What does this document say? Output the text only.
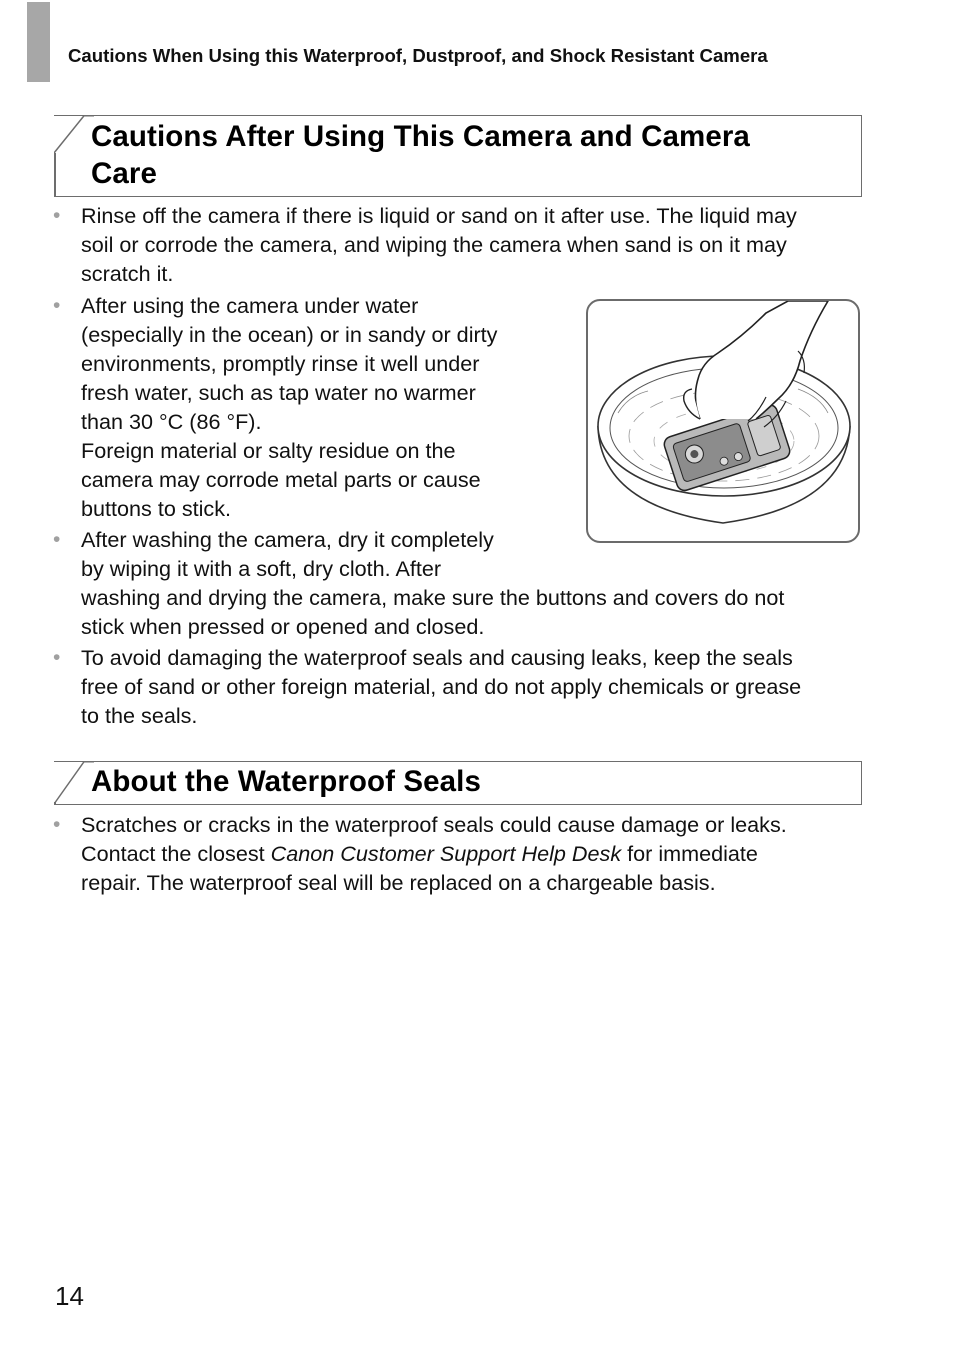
Cautions When Using this Waterproof, Dustproof, and Shock Resistant Camera
Cautions After Using This Camera and Camera
Care
• Rinse off the camera if there is liquid or sand on it after use. The liquid may
soil or corrode the camera, and wiping the camera when sand is on it may
scratch it.

• After using the camera under water
(especially in the ocean) or in sandy or dirty
environments, promptly rinse it well under
fresh water, such as tap water no warmer
than 30 °C (86 °F).
Foreign material or salty residue on the
camera may corrode metal parts or cause
buttons to stick.

• After washing the camera, dry it completely
by wiping it with a soft, dry cloth. After
washing and drying the camera, make sure the buttons and covers do not
stick when pressed or opened and closed.

• To avoid damaging the waterproof seals and causing leaks, keep the seals
free of sand or other foreign material, and do not apply chemicals or grease
to the seals.

About the Waterproof Seals
• Scratches or cracks in the waterproof seals could cause damage or leaks.
Contact the closest Canon Customer Support Help Desk for immediate
repair. The waterproof seal will be replaced on a chargeable basis.

14
